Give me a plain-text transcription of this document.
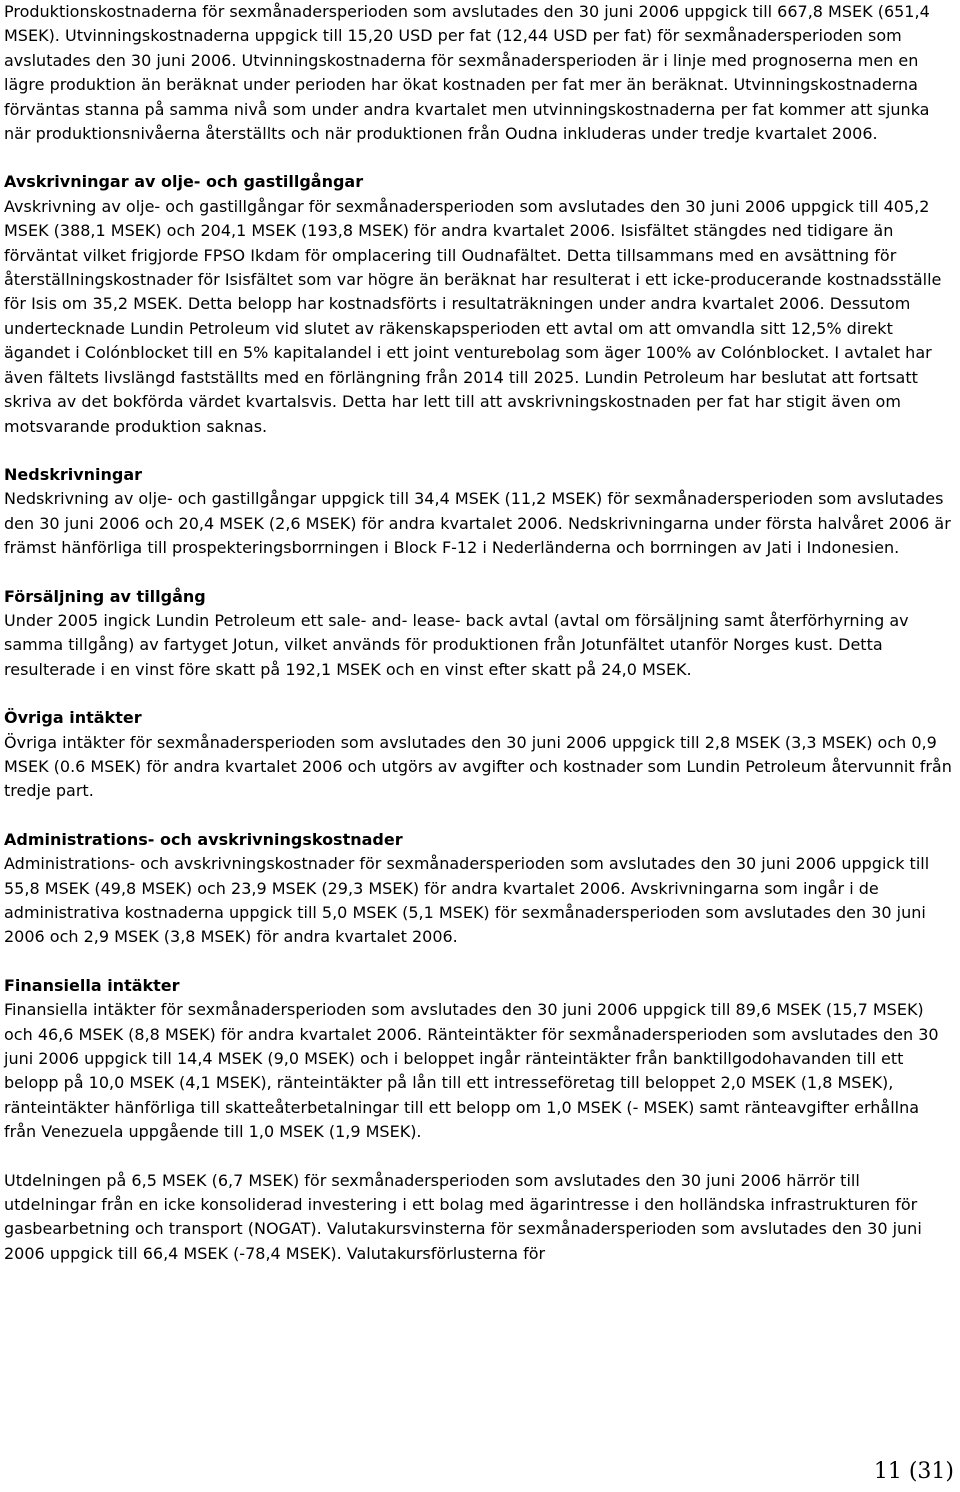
Produktionskostnaderna för sexmånadersperioden som avslutades den 30 juni 2006 uppgick till 667,8 MSEK (651,4 MSEK). Utvinningskostnaderna uppgick till 15,20 USD per fat (12,44 USD per fat) för sexmånadersperioden som avslutades den 30 juni 2006. Utvinningskostnaderna för sexmånadersperioden är i linje med prognoserna men en lägre produktion än beräknat under perioden har ökat kostnaden per fat mer än beräknat. Utvinningskostnaderna förväntas stanna på samma nivå som under andra kvartalet men utvinningskostnaderna per fat kommer att sjunka när produktionsnivåerna återställts och när produktionen från Oudna inkluderas under tredje kvartalet 2006.

Avskrivningar av olje- och gastillgångar

Avskrivning av olje- och gastillgångar för sexmånadersperioden som avslutades den 30 juni 2006 uppgick till 405,2 MSEK (388,1 MSEK) och 204,1 MSEK (193,8 MSEK) för andra kvartalet 2006. Isisfältet stängdes ned tidigare än förväntat vilket frigjorde FPSO Ikdam för omplacering till Oudnafältet. Detta tillsammans med en avsättning för återställningskostnader för Isisfältet som var högre än beräknat har resulterat i ett icke-producerande kostnadsställe för Isis om 35,2 MSEK. Detta belopp har kostnadsförts i resultaträkningen under andra kvartalet 2006. Dessutom undertecknade Lundin Petroleum vid slutet av räkenskapsperioden ett avtal om att omvandla sitt 12,5% direkt ägandet i Colónblocket till en 5% kapitalandel i ett joint venturebolag som äger 100% av Colónblocket. I avtalet har även fältets livslängd fastställts med en förlängning från 2014 till 2025. Lundin Petroleum har beslutat att fortsatt skriva av det bokförda värdet kvartalsvis. Detta har lett till att avskrivningskostnaden per fat har stigit även om motsvarande produktion saknas.

Nedskrivningar

Nedskrivning av olje- och gastillgångar uppgick till 34,4 MSEK (11,2 MSEK) för sexmånadersperioden som avslutades den 30 juni 2006 och 20,4 MSEK (2,6 MSEK) för andra kvartalet 2006. Nedskrivningarna under första halvåret 2006 är främst hänförliga till prospekteringsborrningen i Block F-12 i Nederländerna och borrningen av Jati i Indonesien.

Försäljning av tillgång

Under 2005 ingick Lundin Petroleum ett sale- and- lease- back avtal (avtal om försäljning samt återförhyrning av samma tillgång) av fartyget Jotun, vilket används för produktionen från Jotunfältet utanför Norges kust. Detta resulterade i en vinst före skatt på 192,1 MSEK och en vinst efter skatt på 24,0 MSEK.

Övriga intäkter

Övriga intäkter för sexmånadersperioden som avslutades den 30 juni 2006 uppgick till 2,8 MSEK (3,3 MSEK) och 0,9 MSEK (0.6 MSEK) för andra kvartalet 2006 och utgörs av avgifter och kostnader som Lundin Petroleum återvunnit från tredje part.

Administrations- och avskrivningskostnader

Administrations- och avskrivningskostnader för sexmånadersperioden som avslutades den 30 juni 2006 uppgick till 55,8 MSEK (49,8 MSEK) och 23,9 MSEK (29,3 MSEK) för andra kvartalet 2006. Avskrivningarna som ingår i de administrativa kostnaderna uppgick till 5,0 MSEK (5,1 MSEK) för sexmånadersperioden som avslutades den 30 juni 2006 och 2,9 MSEK (3,8 MSEK) för andra kvartalet 2006.

Finansiella intäkter

Finansiella intäkter för sexmånadersperioden som avslutades den 30 juni 2006 uppgick till 89,6 MSEK (15,7 MSEK) och 46,6 MSEK (8,8 MSEK) för andra kvartalet 2006. Ränteintäkter för sexmånadersperioden som avslutades den 30 juni 2006 uppgick till 14,4 MSEK (9,0 MSEK) och i beloppet ingår ränteintäkter från banktillgodohavanden till ett belopp på 10,0 MSEK (4,1 MSEK), ränteintäkter på lån till ett intresseföretag till beloppet 2,0 MSEK (1,8 MSEK), ränteintäkter hänförliga till skatteåterbetalningar till ett belopp om 1,0 MSEK (- MSEK) samt ränteavgifter erhållna från Venezuela uppgående till 1,0 MSEK (1,9 MSEK).

Utdelningen på 6,5 MSEK (6,7 MSEK) för sexmånadersperioden som avslutades den 30 juni 2006 härrör till utdelningar från en icke konsoliderad investering i ett bolag med ägarintresse i den holländska infrastrukturen för gasbearbetning och transport (NOGAT). Valutakursvinsterna för sexmånadersperioden som avslutades den 30 juni 2006 uppgick till 66,4 MSEK (-78,4 MSEK). Valutakursförlusterna för

11 (31)
